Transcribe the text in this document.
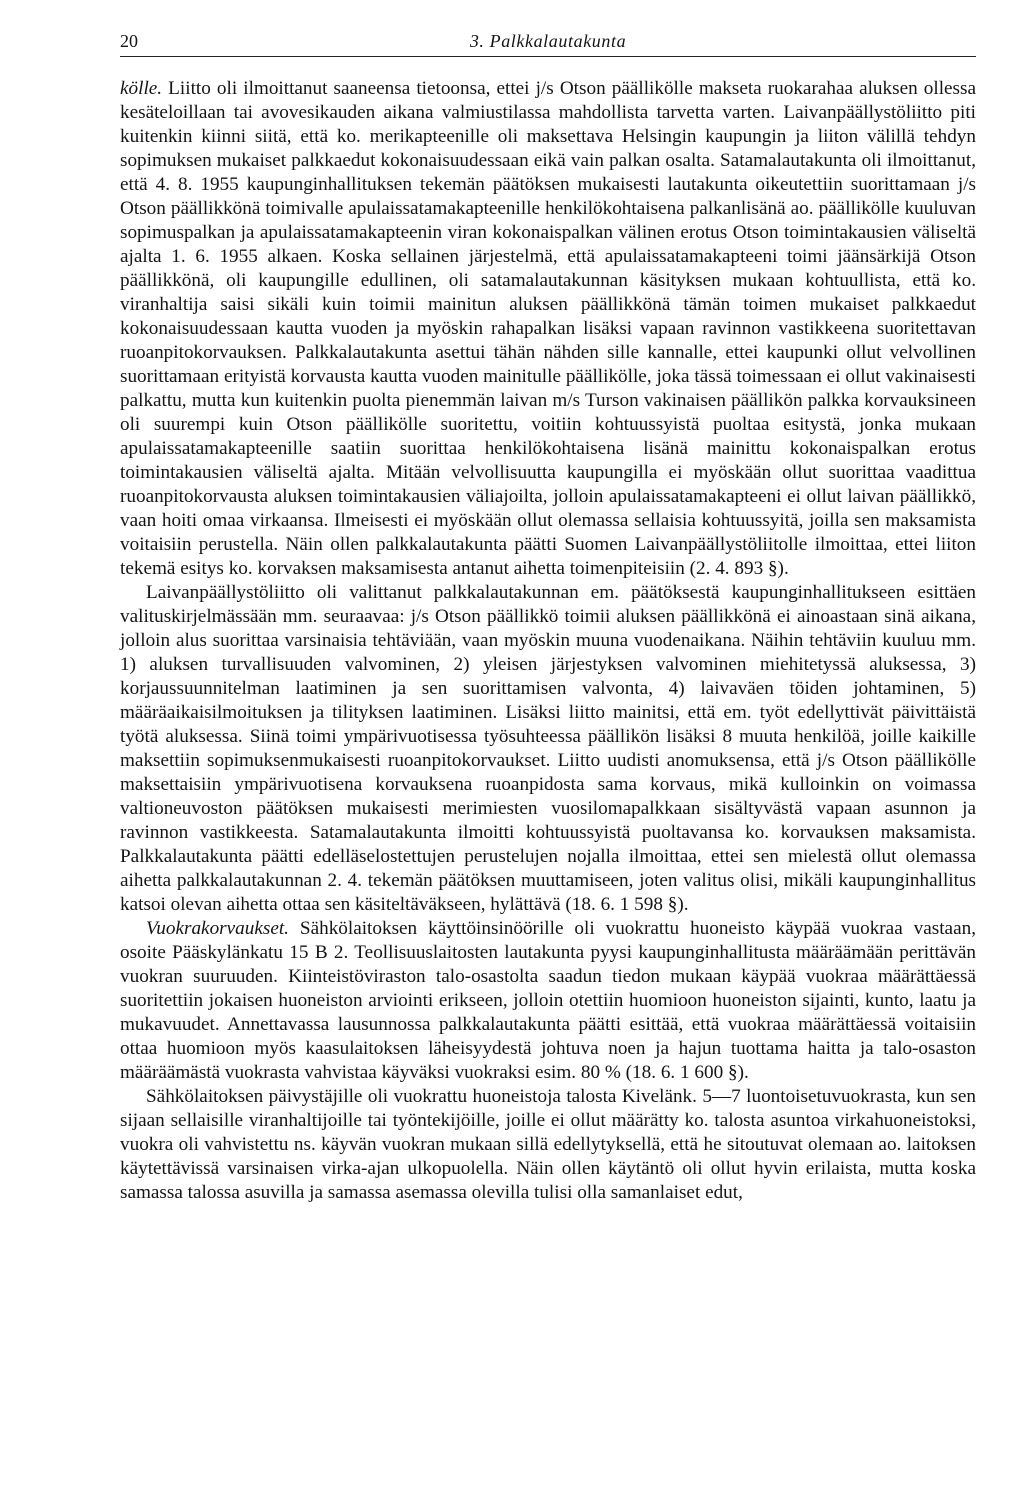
20	3. Palkkalautakunta

kölle. Liitto oli ilmoittanut saaneensa tietoonsa, ettei j/s Otson päällikölle makseta ruokarahaa aluksen ollessa kesäteloillaan tai avovesikauden aikana valmiustilassa mahdollista tarvetta varten. Laivanpäällystöliitto piti kuitenkin kiinni siitä, että ko. merikapteenille oli maksettava Helsingin kaupungin ja liiton välillä tehdyn sopimuksen mukaiset palkkaedut kokonaisuudessaan eikä vain palkan osalta. Satamalautakunta oli ilmoittanut, että 4. 8. 1955 kaupunginhallituksen tekemän päätöksen mukaisesti lautakunta oikeutettiin suorittamaan j/s Otson päällikkönä toimivalle apulaissatamakapteenille henkilökohtaisena palkanlisänä ao. päällikölle kuuluvan sopimuspalkan ja apulaissatamakapteenin viran kokonaispalkan välinen erotus Otson toimintakausien väliseltä ajalta 1. 6. 1955 alkaen. Koska sellainen järjestelmä, että apulaissatamakapteeni toimi jäänsärkijä Otson päällikkönä, oli kaupungille edullinen, oli satamalautakunnan käsityksen mukaan kohtuullista, että ko. viranhaltija saisi sikäli kuin toimii mainitun aluksen päällikkönä tämän toimen mukaiset palkkaedut kokonaisuudessaan kautta vuoden ja myöskin rahapalkan lisäksi vapaan ravinnon vastikkeena suoritettavan ruoanpitokorvauksen. Palkkalautakunta asettui tähän nähden sille kannalle, ettei kaupunki ollut velvollinen suorittamaan erityistä korvausta kautta vuoden mainitulle päällikölle, joka tässä toimessaan ei ollut vakinaisesti palkattu, mutta kun kuitenkin puolta pienemmän laivan m/s Turson vakinaisen päällikön palkka korvauksineen oli suurempi kuin Otson päällikölle suoritettu, voitiin kohtuussyistä puoltaa esitystä, jonka mukaan apulaissatamakapteenille saatiin suorittaa henkilökohtaisena lisänä mainittu kokonaispalkan erotus toimintakausien väliseltä ajalta. Mitään velvollisuutta kaupungilla ei myöskään ollut suorittaa vaadittua ruoanpitokorvausta aluksen toimintakausien väliajoilta, jolloin apulaissatamakapteeni ei ollut laivan päällikkö, vaan hoiti omaa virkaansa. Ilmeisesti ei myöskään ollut olemassa sellaisia kohtuussyitä, joilla sen maksamista voitaisiin perustella. Näin ollen palkkalautakunta päätti Suomen Laivanpäällystöliitolle ilmoittaa, ettei liiton tekemä esitys ko. korvaksen maksamisesta antanut aihetta toimenpiteisiin (2. 4. 893 §).

Laivanpäällystöliitto oli valittanut palkkalautakunnan em. päätöksestä kaupunginhallitukseen esittäen valituskirjelmässään mm. seuraavaa: j/s Otson päällikkö toimii aluksen päällikkönä ei ainoastaan sinä aikana, jolloin alus suorittaa varsinaisia tehtäviään, vaan myöskin muuna vuodenaikana. Näihin tehtäviin kuuluu mm. 1) aluksen turvallisuuden valvominen, 2) yleisen järjestyksen valvominen miehitetyssä aluksessa, 3) korjaussuunnitelman laatiminen ja sen suorittamisen valvonta, 4) laivaväen töiden johtaminen, 5) määräaikaisilmoituksen ja tilityksen laatiminen. Lisäksi liitto mainitsi, että em. työt edellyttivät päivittäistä työtä aluksessa. Siinä toimi ympärivuotisessa työsuhteessa päällikön lisäksi 8 muuta henkilöä, joille kaikille maksettiin sopimuksenmukaisesti ruoanpitokorvaukset. Liitto uudisti anomuksensa, että j/s Otson päällikölle maksettaisiin ympärivuotisena korvauksena ruoanpidosta sama korvaus, mikä kulloinkin on voimassa valtioneuvoston päätöksen mukaisesti merimiesten vuosilomapalkkaan sisältyvästä vapaan asunnon ja ravinnon vastikkeesta. Satamalautakunta ilmoitti kohtuussyistä puoltavansa ko. korvauksen maksamista. Palkkalautakunta päätti edelläselostettujen perustelujen nojalla ilmoittaa, ettei sen mielestä ollut olemassa aihetta palkkalautakunnan 2. 4. tekemän päätöksen muuttamiseen, joten valitus olisi, mikäli kaupunginhallitus katsoi olevan aihetta ottaa sen käsiteltäväkseen, hylättävä (18. 6. 1 598 §).

Vuokrakorvaukset. Sähkölaitoksen käyttöinsinöörille oli vuokrattu huoneisto käypää vuokraa vastaan, osoite Pääskylänkatu 15 B 2. Teollisuuslaitosten lautakunta pyysi kaupunginhallitusta määräämään perittävän vuokran suuruuden. Kiinteistöviraston talo-osastolta saadun tiedon mukaan käypää vuokraa määrättäessä suoritettiin jokaisen huoneiston arviointi erikseen, jolloin otettiin huomioon huoneiston sijainti, kunto, laatu ja mukavuudet. Annettavassa lausunnossa palkkalautakunta päätti esittää, että vuokraa määrättäessä voitaisiin ottaa huomioon myös kaasulaitoksen läheisyydestä johtuva noen ja hajun tuottama haitta ja talo-osaston määräämästä vuokrasta vahvistaa käyväksi vuokraksi esim. 80 % (18. 6. 1 600 §).

Sähkölaitoksen päivystäjille oli vuokrattu huoneistoja talosta Kivelänk. 5—7 luontoisetuvuokrasta, kun sen sijaan sellaisille viranhaltijoille tai työntekijöille, joille ei ollut määrätty ko. talosta asuntoa virkahuoneistoksi, vuokra oli vahvistettu ns. käyvän vuokran mukaan sillä edellytyksellä, että he sitoutuvat olemaan ao. laitoksen käytettävissä varsinaisen virka-ajan ulkopuolella. Näin ollen käytäntö oli ollut hyvin erilaista, mutta koska samassa talossa asuvilla ja samassa asemassa olevilla tulisi olla samanlaiset edut,
